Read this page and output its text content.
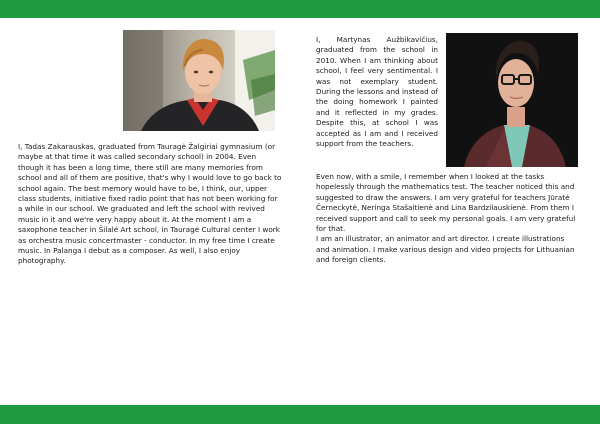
I, Tadas Zakarauskas, graduated from Tauragė Žalgiriai gymnasium (or maybe at that time it was called secondary school) in 2004. Even though it has been a long time, there still are many memories from school and all of them are positive, that's why I would love to go back to school again. The best memory would have to be, I think, our, upper class students, initiative fixed radio point that has not been working for a while in our school. We graduated and left the school with revived music in it and we're very happy about it. At the moment I am a saxophone teacher in Šilalė Art school, in Tauragė Cultural center I work as orchestra music concertmaster - conductor. In my free time I create music. In Palanga I debut as a composer. As well, I also enjoy photography.

I, Martynas Aužbikavičius, graduated from the school in 2010. When I am thinking about school, I feel very sentimental. I was not exemplary student. During the lessons and instead of the doing homework I painted and it reflected in my grades. Despite this, at school I was accepted as I am and I received support from the teachers.

Even now, with a smile, I remember when I looked at the tasks hopelessly through the mathematics test. The teacher noticed this and suggested to draw the answers. I am very grateful for teachers Jūratė Černeckytė, Neringa Stašaitienė and Lina Bardzilauskienė. From them I received support and call to seek my personal goals. I am very grateful for that.

I am an illustrator, an animator and art director. I create illustrations and animation. I make various design and video projects for Lithuanian and foreign clients.
